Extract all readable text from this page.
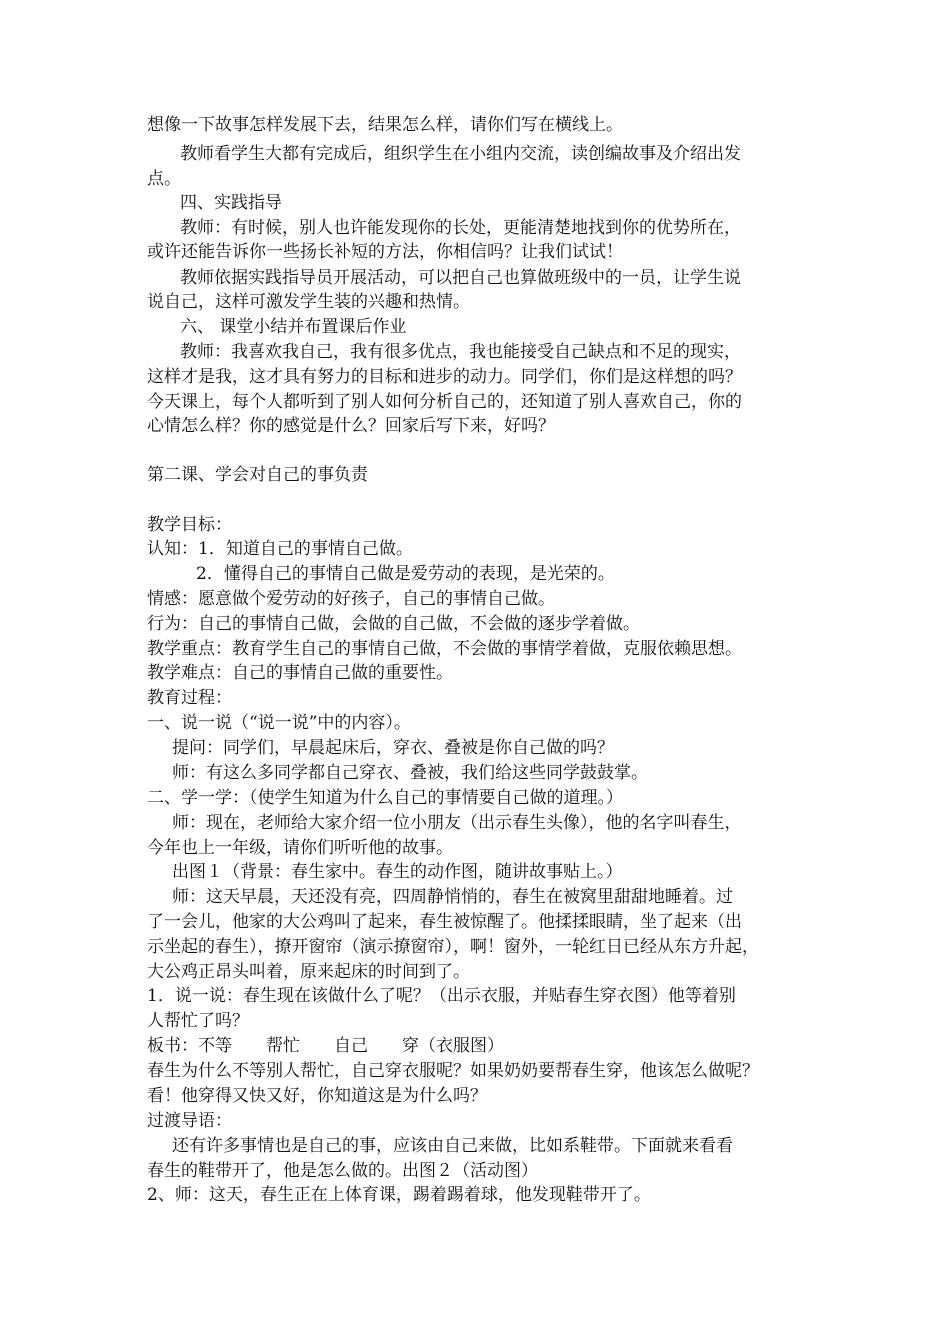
想像一下故事怎样发展下去，结果怎么样，请你们写在横线上。
教师看学生大都有完成后，组织学生在小组内交流，读创编故事及介绍出发
点。
四、实践指导
教师：有时候，别人也许能发现你的长处，更能清楚地找到你的优势所在，
或许还能告诉你一些扬长补短的方法，你相信吗？让我们试试！
教师依据实践指导员开展活动，可以把自己也算做班级中的一员，让学生说
说自己，这样可激发学生装的兴趣和热情。
六、 课堂小结并布置课后作业
教师：我喜欢我自己，我有很多优点，我也能接受自己缺点和不足的现实，
这样才是我，这才具有努力的目标和进步的动力。同学们，你们是这样想的吗？
今天课上，每个人都听到了别人如何分析自己的，还知道了别人喜欢自己，你的
心情怎么样？你的感觉是什么？回家后写下来，好吗？
第二课、学会对自己的事负责
教学目标：
认知：1．知道自己的事情自己做。
2．懂得自己的事情自己做是爱劳动的表现，是光荣的。
情感：愿意做个爱劳动的好孩子，自己的事情自己做。
行为：自己的事情自己做，会做的自己做，不会做的逐步学着做。
教学重点：教育学生自己的事情自己做，不会做的事情学着做，克服依赖思想。
教学难点：自己的事情自己做的重要性。
教育过程：
一、说一说（“说一说”中的内容）。
提问：同学们，早晨起床后，穿衣、叠被是你自己做的吗？
师：有这么多同学都自己穿衣、叠被，我们给这些同学鼓鼓掌。
二、学一学：（使学生知道为什么自己的事情要自己做的道理。）
师：现在，老师给大家介绍一位小朋友（出示春生头像），他的名字叫春生，
今年也上一年级，请你们听听他的故事。
出图１（背景：春生家中。春生的动作图，随讲故事贴上。）
师：这天早晨，天还没有亮，四周静悄悄的，春生在被窝里甜甜地睡着。过
了一会儿，他家的大公鸡叫了起来，春生被惊醒了。他揉揉眼睛，坐了起来（出
示坐起的春生），撩开窗帘（演示撩窗帘），啊！窗外，一轮红日已经从东方升起，
大公鸡正昂头叫着，原来起床的时间到了。
1．说一说：春生现在该做什么了呢？（出示衣服，并贴春生穿衣图）他等着别
人帮忙了吗？
板书：不等　　帮忙　　自己　　穿（衣服图）
春生为什么不等别人帮忙，自己穿衣服呢？如果奶奶要帮春生穿，他该怎么做呢？
看！他穿得又快又好，你知道这是为什么吗？
过渡导语：
还有许多事情也是自己的事，应该由自己来做，比如系鞋带。下面就来看看
春生的鞋带开了，他是怎么做的。出图２（活动图）
2、师：这天，春生正在上体育课，踢着踢着球，他发现鞋带开了。
